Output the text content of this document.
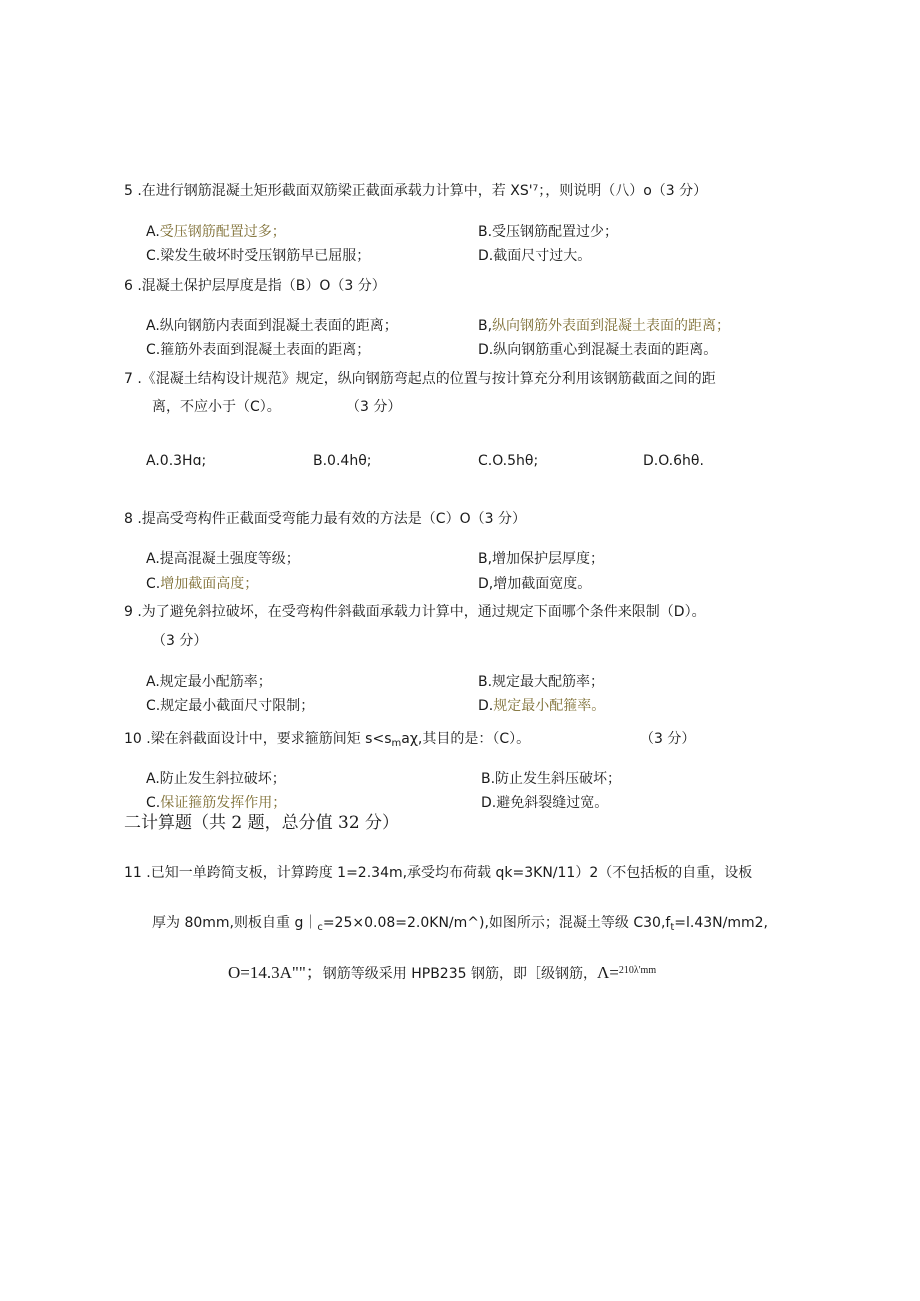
5 .在进行钢筋混凝土矩形截面双筋梁正截面承载力计算中，若 XS'⁷；，则说明（八）o（3 分）
A.受压钢筋配置过多；	B.受压钢筋配置过少；
C.梁发生破坏时受压钢筋早已屈服；	D.截面尺寸过大。
6 .混凝土保护层厚度是指（B）O（3 分）
A.纵向钢筋内表面到混凝土表面的距离；	B,纵向钢筋外表面到混凝土表面的距离；
C.箍筋外表面到混凝土表面的距离；	D.纵向钢筋重心到混凝土表面的距离。
7 .《混凝土结构设计规范》规定，纵向钢筋弯起点的位置与按计算充分利用该钢筋截面之间的距
离，不应小于（C）。	（3 分）
A.0.3Hɑ;	B.0.4hθ;	C.O.5hθ;	D.O.6hθ.
8 .提高受弯构件正截面受弯能力最有效的方法是（C）O（3 分）
A.提高混凝土强度等级；	B,增加保护层厚度；
C.增加截面高度；	D,增加截面宽度。
9 .为了避免斜拉破坏，在受弯构件斜截面承载力计算中，通过规定下面哪个条件来限制（D）。
（3 分）
A.规定最小配筋率；	B.规定最大配筋率；
C.规定最小截面尺寸限制；	D.规定最小配箍率。
10 .梁在斜截面设计中，要求箍筋间矩 $s<s_ma\chi$,其目的是：（C）。	（3 分）
A.防止发生斜拉破坏；	B.防止发生斜压破坏；
C.保证箍筋发挥作用；	D.避免斜裂缝过宽。
二计算题（共 2 题，总分值 32 分）
11 .已知一单跨简支板，计算跨度 1=2.34m,承受均布荷载 qk=3KN∕11）2（不包括板的自重，设板
厚为 80mm,则板自重 $g|_c=25\times 0.08=2.0KN∕m\^{}$),如图所示；混凝土等级 $C30,f_t=l.43N∕mm2$,
O=14.3A""；钢筋等级采用 HPB235 钢筋，即［级钢筋，Λ=$^{210\lambda'mm}$
